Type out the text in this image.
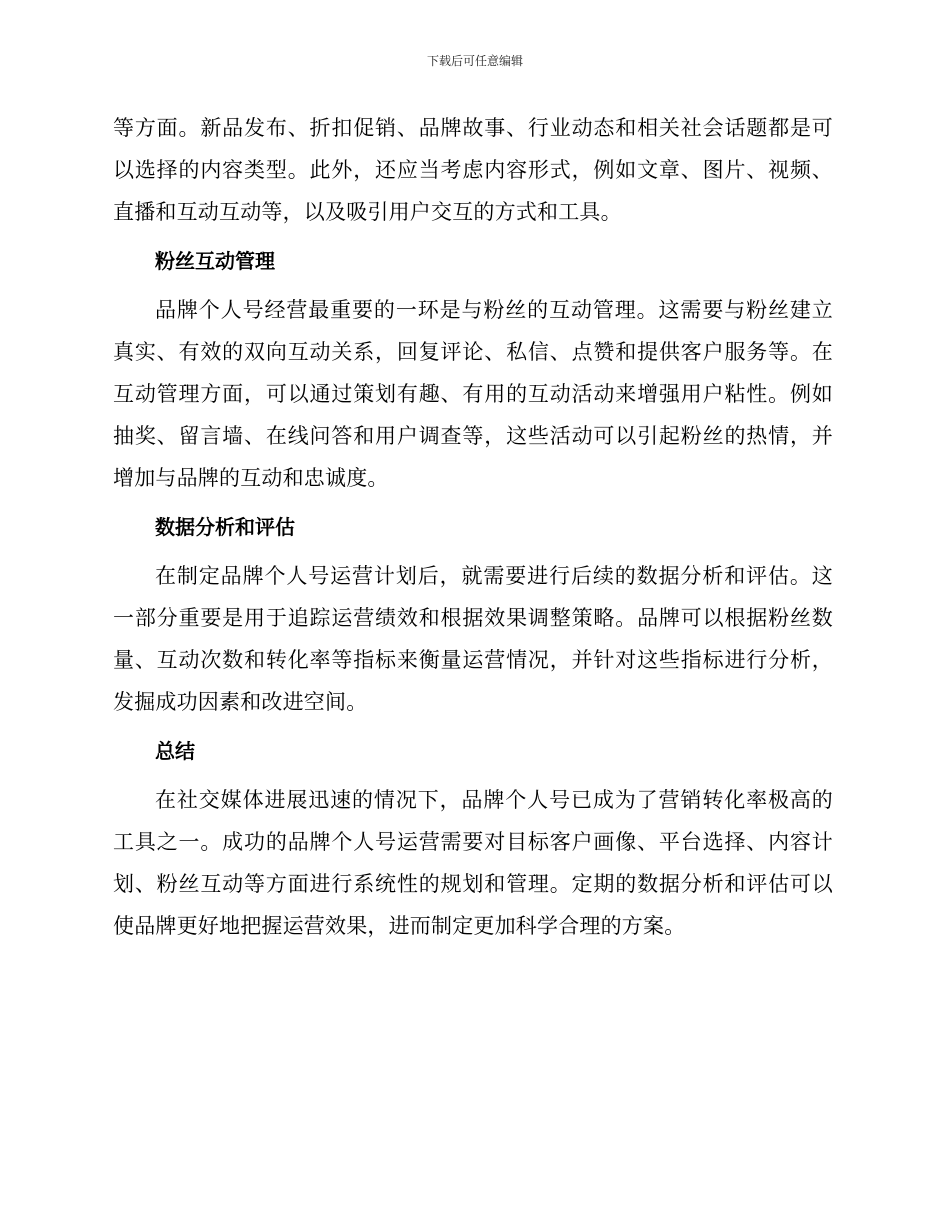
下载后可任意编辑

等方面。新品发布、折扣促销、品牌故事、行业动态和相关社会话题都是可以选择的内容类型。此外，还应当考虑内容形式，例如文章、图片、视频、直播和互动互动等，以及吸引用户交互的方式和工具。

粉丝互动管理

品牌个人号经营最重要的一环是与粉丝的互动管理。这需要与粉丝建立真实、有效的双向互动关系，回复评论、私信、点赞和提供客户服务等。在互动管理方面，可以通过策划有趣、有用的互动活动来增强用户粘性。例如抽奖、留言墙、在线问答和用户调查等，这些活动可以引起粉丝的热情，并增加与品牌的互动和忠诚度。

数据分析和评估

在制定品牌个人号运营计划后，就需要进行后续的数据分析和评估。这一部分重要是用于追踪运营绩效和根据效果调整策略。品牌可以根据粉丝数量、互动次数和转化率等指标来衡量运营情况，并针对这些指标进行分析，发掘成功因素和改进空间。

总结

在社交媒体进展迅速的情况下，品牌个人号已成为了营销转化率极高的工具之一。成功的品牌个人号运营需要对目标客户画像、平台选择、内容计划、粉丝互动等方面进行系统性的规划和管理。定期的数据分析和评估可以使品牌更好地把握运营效果，进而制定更加科学合理的方案。
